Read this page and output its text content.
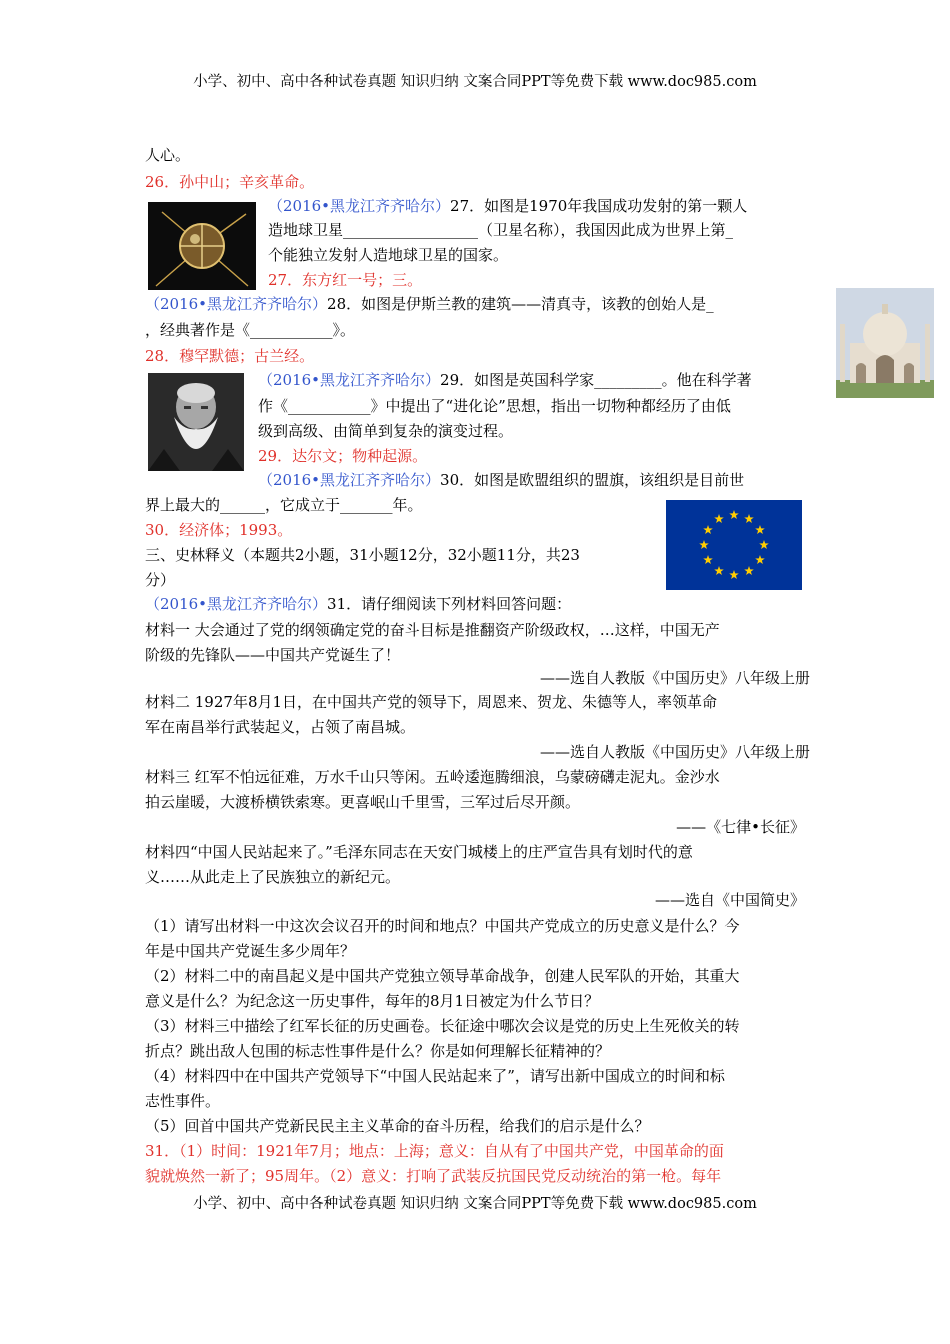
小学、初中、高中各种试卷真题 知识归纳 文案合同PPT等免费下载 www.doc985.com
小学、初中、高中各种试卷真题 知识归纳 文案合同PPT等免费下载 www.doc985.com
人心。
26．孙中山；辛亥革命。
（2016•黑龙江齐齐哈尔）27．如图是1970年我国成功发射的第一颗人
造地球卫星__________________（卫星名称），我国因此成为世界上第_
个能独立发射人造地球卫星的国家。
27．东方红一号；三。
（2016•黑龙江齐齐哈尔）28．如图是伊斯兰教的建筑——清真寺，该教的创始人是_
，经典著作是《___________》。
28．穆罕默德；古兰经。
（2016•黑龙江齐齐哈尔）29．如图是英国科学家_________。他在科学著
作《___________》中提出了“进化论”思想，指出一切物种都经历了由低
级到高级、由简单到复杂的演变过程。
29．达尔文；物种起源。
（2016•黑龙江齐齐哈尔）30．如图是欧盟组织的盟旗，该组织是目前世
界上最大的______，它成立于_______年。
30．经济体；1993。
三、史林释义（本题共2小题，31小题12分，32小题11分，共23
分）
（2016•黑龙江齐齐哈尔）31．请仔细阅读下列材料回答问题：
材料一 大会通过了党的纲领确定党的奋斗目标是推翻资产阶级政权，…这样，中国无产
阶级的先锋队——中国共产党诞生了！
——选自人教版《中国历史》八年级上册
材料二 1927年8月1日，在中国共产党的领导下，周恩来、贺龙、朱德等人，率领革命
军在南昌举行武装起义，占领了南昌城。
——选自人教版《中国历史》八年级上册
材料三 红军不怕远征难，万水千山只等闲。五岭逶迤腾细浪，乌蒙磅礴走泥丸。金沙水
拍云崖暖，大渡桥横铁索寒。更喜岷山千里雪，三军过后尽开颜。
——《七律•长征》
材料四“中国人民站起来了。”毛泽东同志在天安门城楼上的庄严宣告具有划时代的意
义……从此走上了民族独立的新纪元。
——选自《中国简史》
（1）请写出材料一中这次会议召开的时间和地点？中国共产党成立的历史意义是什么？今
年是中国共产党诞生多少周年？
（2）材料二中的南昌起义是中国共产党独立领导革命战争，创建人民军队的开始，其重大
意义是什么？为纪念这一历史事件，每年的8月1日被定为什么节日？
（3）材料三中描绘了红军长征的历史画卷。长征途中哪次会议是党的历史上生死攸关的转
折点？跳出敌人包围的标志性事件是什么？你是如何理解长征精神的？
（4）材料四中在中国共产党领导下“中国人民站起来了”，请写出新中国成立的时间和标
志性事件。
（5）回首中国共产党新民民主主义革命的奋斗历程，给我们的启示是什么？
31．（1）时间：1921年7月；地点：上海；意义：自从有了中国共产党，中国革命的面
貌就焕然一新了；95周年。（2）意义：打响了武装反抗国民党反动统治的第一枪。每年
